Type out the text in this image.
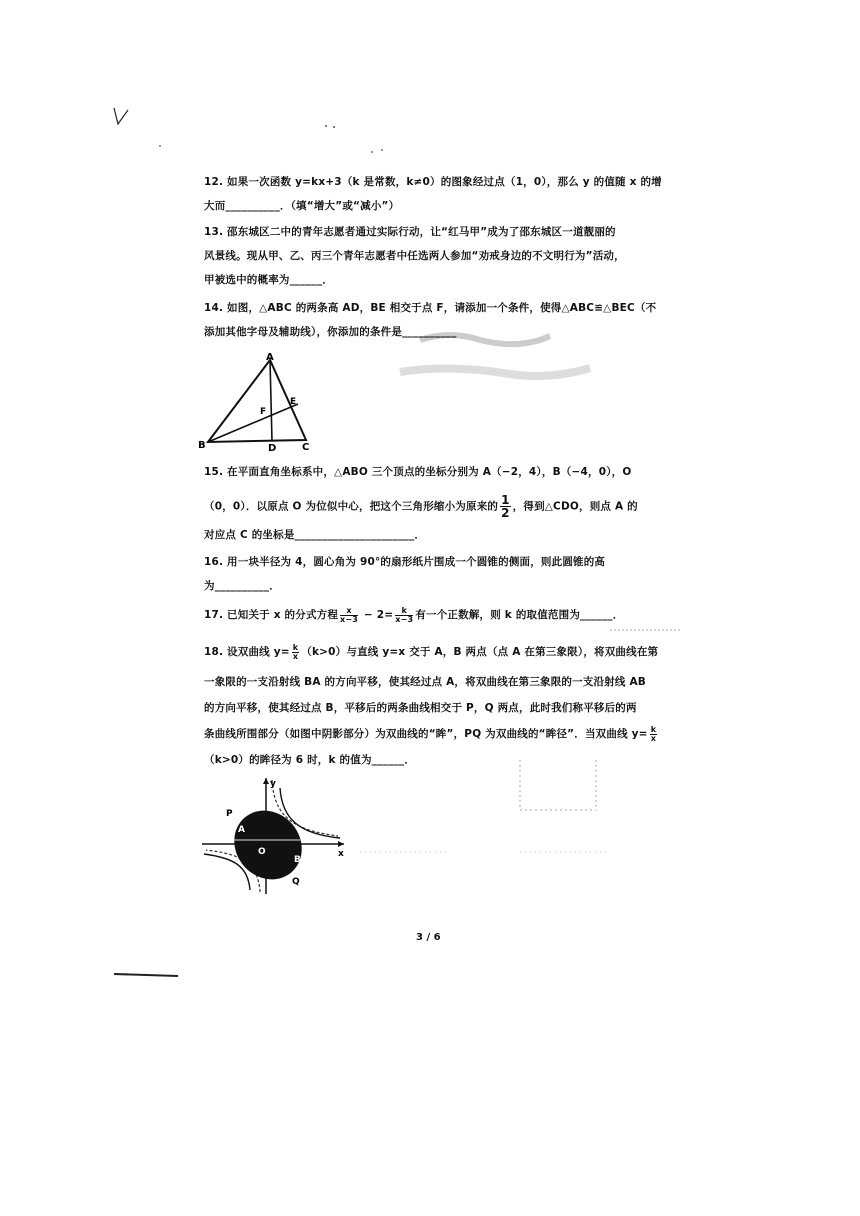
12. 如果一次函数 y=kx+3（k 是常数，k≠0）的图象经过点（1，0），那么 y 的值随 x 的增
大而__________．（填“增大”或“减小”）
13. 邵东城区二中的青年志愿者通过实际行动，让“红马甲”成为了邵东城区一道靓丽的
风景线。现从甲、乙、丙三个青年志愿者中任选两人参加“劝戒身边的不文明行为”活动，
甲被选中的概率为______．
14. 如图，△ABC 的两条高 AD，BE 相交于点 F，请添加一个条件，使得△ABC≌△BEC（不
添加其他字母及辅助线），你添加的条件是__________
A
E
F
B	D	C
15. 在平面直角坐标系中，△ABO 三个顶点的坐标分别为 A（−2，4），B（−4，0），O
（0，0）．以原点 O 为位似中心，把这个三角形缩小为原来的 $\frac{1}{2}$ ，得到△CDO，则点 A 的
对应点 C 的坐标是______________________．
16. 用一块半径为 4，圆心角为 90°的扇形纸片围成一个圆锥的侧面，则此圆锥的高
为__________．
17. 已知关于 x 的分式方程 $\frac{x}{x-3} - 2= \frac{k}{x-3}$ 有一个正数解，则 k 的取值范围为______．
18. 设双曲线 $y= \frac{k}{x} (k>0)$与直线 y=x 交于 A，B 两点（点 A 在第三象限），将双曲线在第
一象限的一支沿射线 BA 的方向平移，使其经过点 A，将双曲线在第三象限的一支沿射线 AB
的方向平移，使其经过点 B，平移后的两条曲线相交于 P，Q 两点，此时我们称平移后的两
条曲线所围部分（如图中阴影部分）为双曲线的“眸”，PQ 为双曲线的“眸径”．当双曲线 $y= \frac{k}{x}$
（k>0）的眸径为 6 时，k 的值为______．
y
P
A
O
B
Q
x
3 / 6
